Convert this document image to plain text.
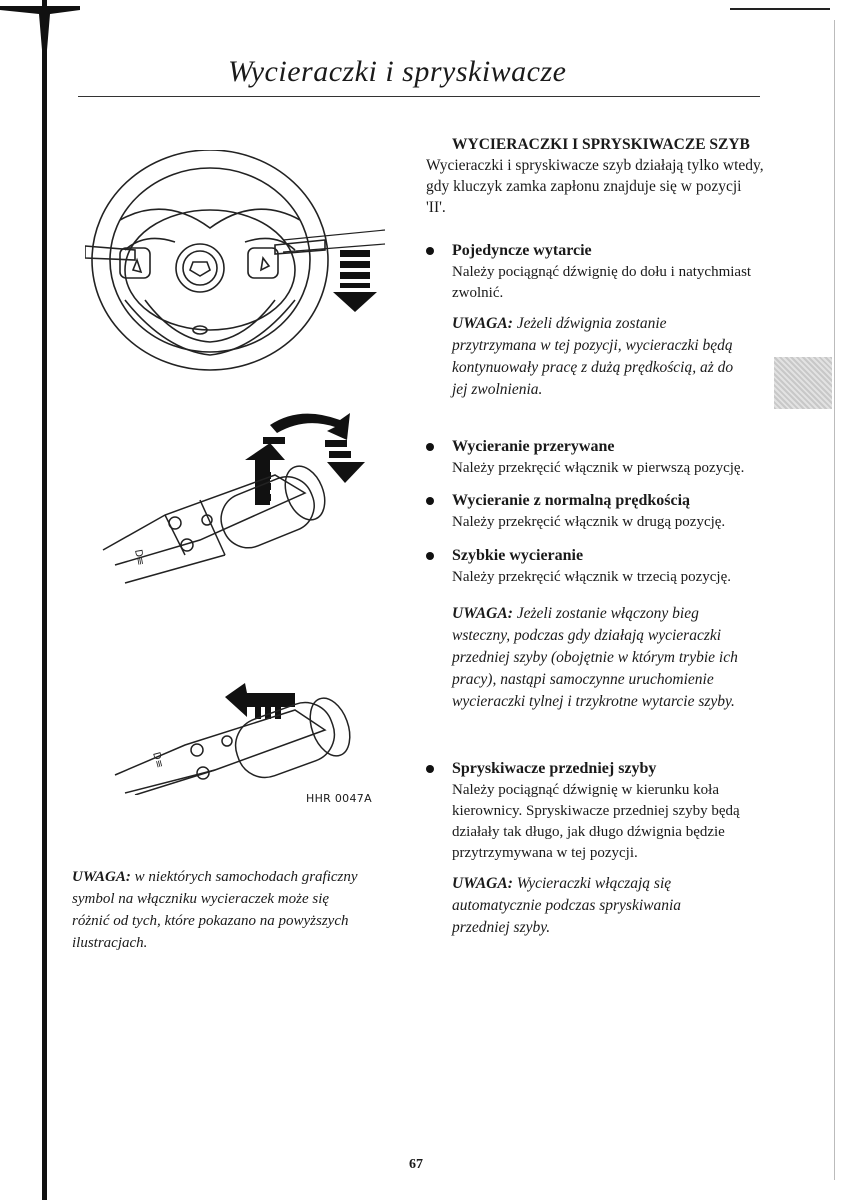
Wycieraczki i spryskiwacze
D≡
D≡
HHR 0047A
UWAGA: w niektórych samochodach graficzny
symbol na włączniku wycieraczek może się
różnić od tych, które pokazano na powyższych
ilustracjach.
WYCIERACZKI I SPRYSKIWACZE SZYB
Wycieraczki i spryskiwacze szyb działają tylko wtedy,
gdy kluczyk zamka zapłonu znajduje się w pozycji
'II'.
Pojedyncze wytarcie
Należy pociągnąć dźwignię do dołu i natychmiast
zwolnić.
UWAGA: Jeżeli dźwignia zostanie
przytrzymana w tej pozycji, wycieraczki będą
kontynuowały pracę z dużą prędkością, aż do
jej zwolnienia.
Wycieranie przerywane
Należy przekręcić włącznik w pierwszą pozycję.
Wycieranie z normalną prędkością
Należy przekręcić włącznik w drugą pozycję.
Szybkie wycieranie
Należy przekręcić włącznik w trzecią pozycję.
UWAGA: Jeżeli zostanie włączony bieg
wsteczny, podczas gdy działają wycieraczki
przedniej szyby (obojętnie w którym trybie ich
pracy), nastąpi samoczynne uruchomienie
wycieraczki tylnej i trzykrotne wytarcie szyby.
Spryskiwacze przedniej szyby
Należy pociągnąć dźwignię w kierunku koła
kierownicy. Spryskiwacze przedniej szyby będą
działały tak długo, jak długo dźwignia będzie
przytrzymywana w tej pozycji.
UWAGA: Wycieraczki włączają się
automatycznie podczas spryskiwania
przedniej szyby.
67
